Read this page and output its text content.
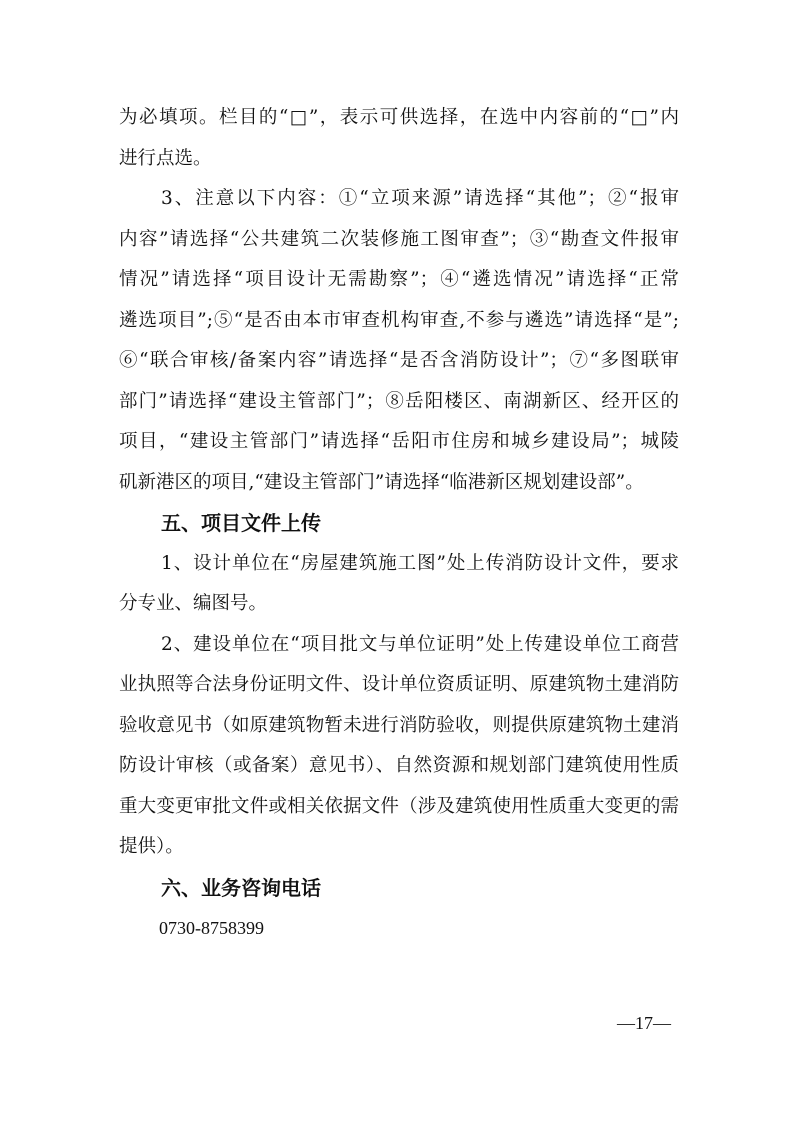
为必填项。栏目的“□”，表示可供选择，在选中内容前的“□”内
进行点选。
3、注意以下内容：①“立项来源”请选择“其他”；②“报审
内容”请选择“公共建筑二次装修施工图审查”；③“勘查文件报审
情况”请选择“项目设计无需勘察”；④“遴选情况”请选择“正常
遴选项目”;⑤“是否由本市审查机构审查,不参与遴选”请选择“是”;
⑥“联合审核/备案内容”请选择“是否含消防设计”；⑦“多图联审
部门”请选择“建设主管部门”；⑧岳阳楼区、南湖新区、经开区的
项目，“建设主管部门”请选择“岳阳市住房和城乡建设局”；城陵
矶新港区的项目,“建设主管部门”请选择“临港新区规划建设部”。
五、项目文件上传
1、设计单位在“房屋建筑施工图”处上传消防设计文件，要求
分专业、编图号。
2、建设单位在“项目批文与单位证明”处上传建设单位工商营
业执照等合法身份证明文件、设计单位资质证明、原建筑物土建消防
验收意见书（如原建筑物暂未进行消防验收，则提供原建筑物土建消
防设计审核（或备案）意见书）、自然资源和规划部门建筑使用性质
重大变更审批文件或相关依据文件（涉及建筑使用性质重大变更的需
提供）。
六、业务咨询电话
0730-8758399
—17—
